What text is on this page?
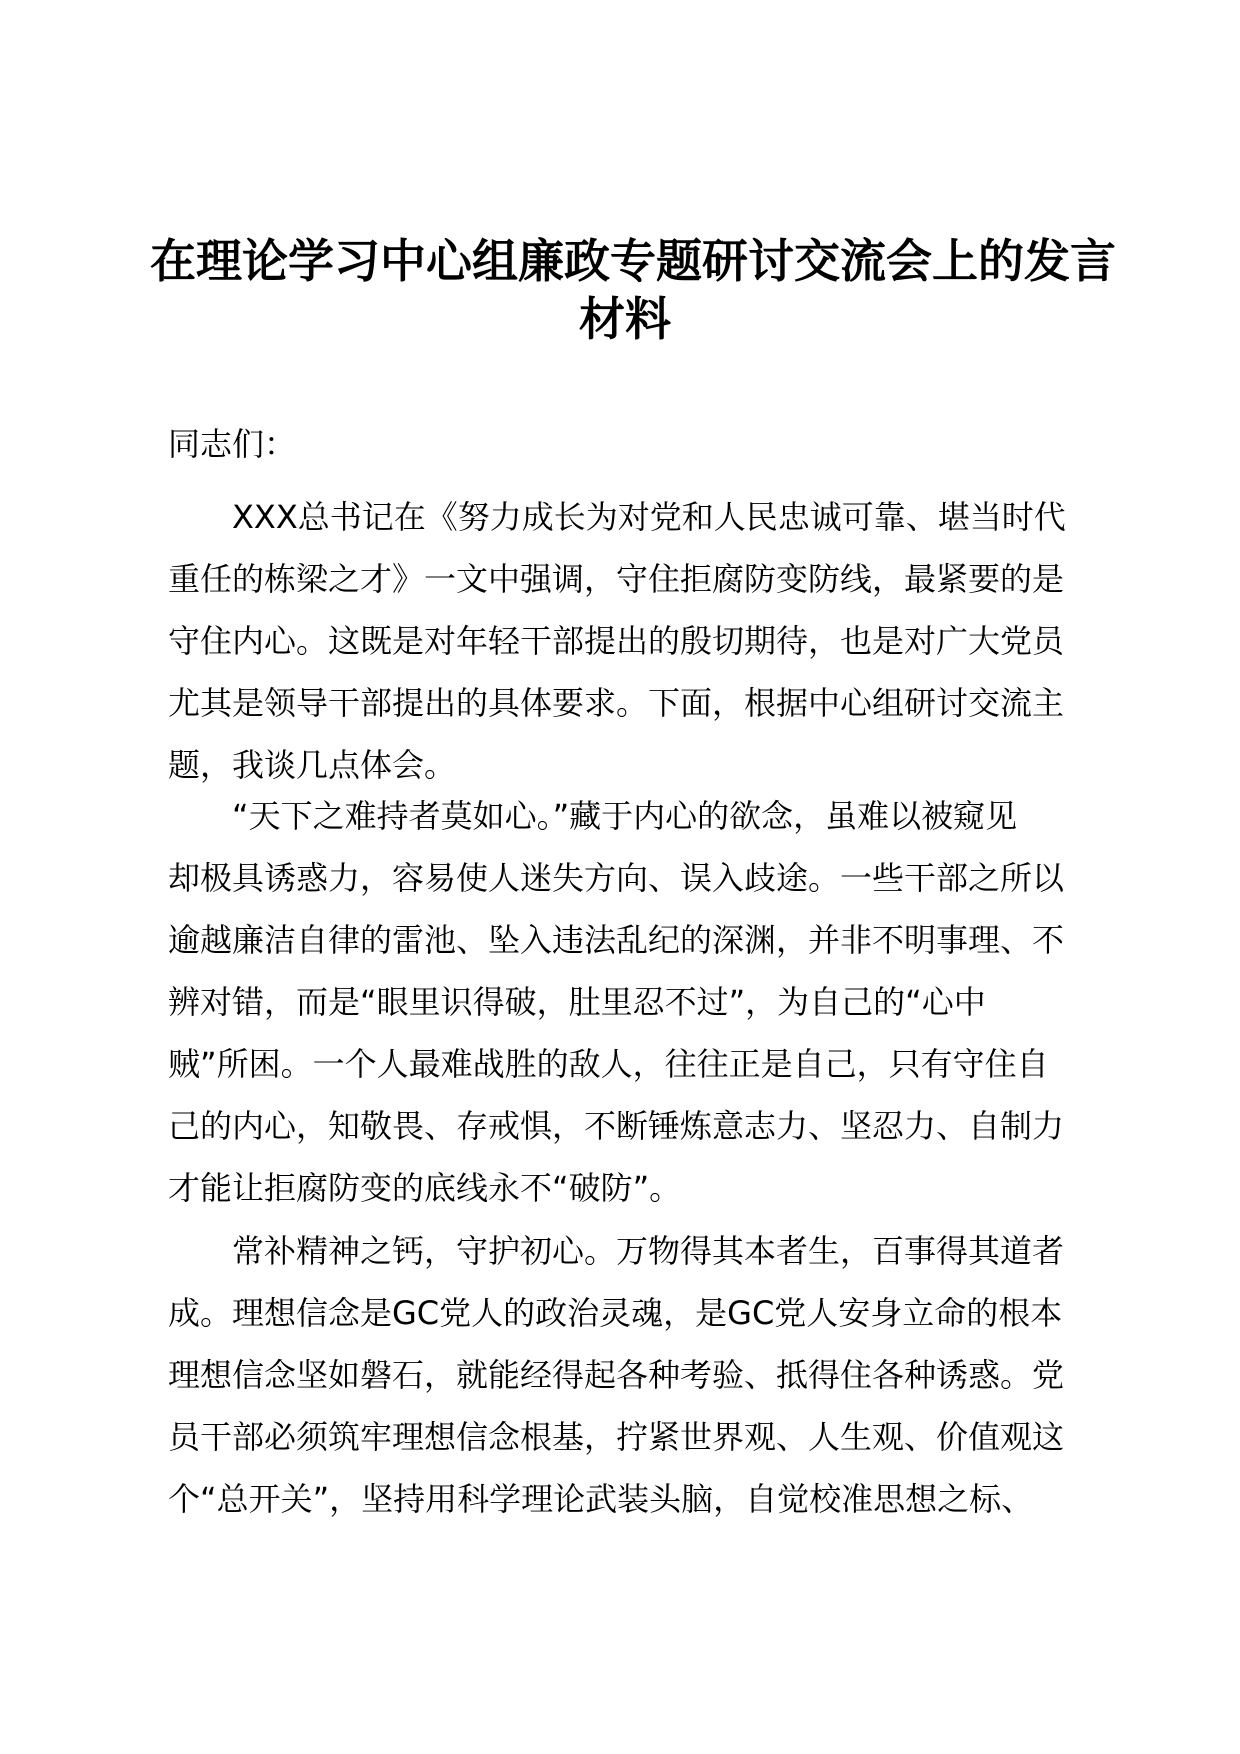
在理论学习中心组廉政专题研讨交流会上的发言
材料
同志们：
XXX总书记在《努力成长为对党和人民忠诚可靠、堪当时代
重任的栋梁之才》一文中强调，守住拒腐防变防线，最紧要的是
守住内心。这既是对年轻干部提出的殷切期待，也是对广大党员
尤其是领导干部提出的具体要求。下面，根据中心组研讨交流主
题，我谈几点体会。
“天下之难持者莫如心。”藏于内心的欲念，虽难以被窥见
却极具诱惑力，容易使人迷失方向、误入歧途。一些干部之所以
逾越廉洁自律的雷池、坠入违法乱纪的深渊，并非不明事理、不
辨对错，而是“眼里识得破，肚里忍不过”，为自己的“心中
贼”所困。一个人最难战胜的敌人，往往正是自己，只有守住自
己的内心，知敬畏、存戒惧，不断锤炼意志力、坚忍力、自制力
才能让拒腐防变的底线永不“破防”。
常补精神之钙，守护初心。万物得其本者生，百事得其道者
成。理想信念是GC党人的政治灵魂，是GC党人安身立命的根本
理想信念坚如磐石，就能经得起各种考验、抵得住各种诱惑。党
员干部必须筑牢理想信念根基，拧紧世界观、人生观、价值观这
个“总开关”，坚持用科学理论武装头脑，自觉校准思想之标、
